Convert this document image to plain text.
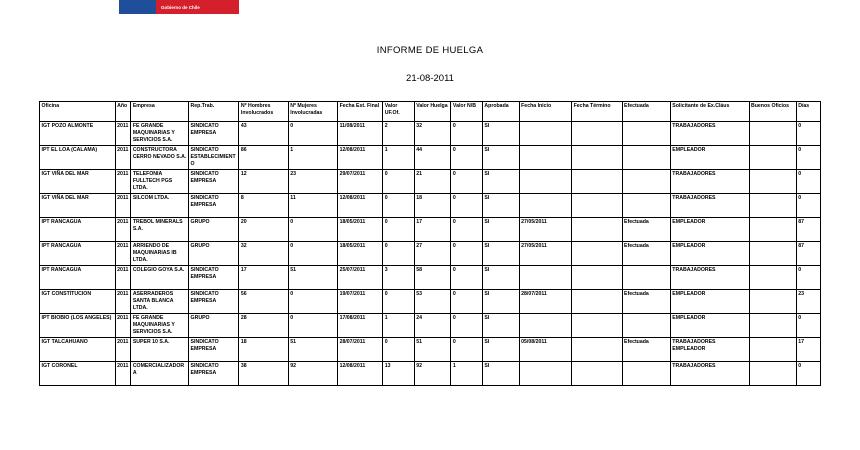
Gobierno de Chile
INFORME DE HUELGA
21-08-2011
Oficina	Año	Empresa	Rep.Trab.	Nº Hombres Involucrados	Nº Mujeres Involucradas	Fecha Est. Final	Valor UF.Of.	Valor Huelga	Valor N/B	Aprobada	Fecha Inicio	Fecha Término	Efectuada	Solicitante de Ex.Cláus	Buenos Oficios	Días
IGT POZO ALMONTE	2011	FE GRANDE MAQUINARIAS Y SERVICIOS S.A.	SINDICATO EMPRESA	43	0	11/08/2011	2	32	0	SI				TRABAJADORES		0
IPT EL LOA (CALAMA)	2011	CONSTRUCTORA CERRO NEVADO S.A.	SINDICATO ESTABLECIMIENTO	86	1	12/08/2011	1	44	0	SI				EMPLEADOR		0
IGT VIÑA DEL MAR	2011	TELEFONIA FULLTECH PGS LTDA.	SINDICATO EMPRESA	12	23	29/07/2011	0	21	0	SI				TRABAJADORES		0
IGT VIÑA DEL MAR	2011	SILCOM LTDA.	SINDICATO EMPRESA	8	11	12/08/2011	0	18	0	SI				TRABAJADORES		0
IPT RANCAGUA	2011	TREBOL MINERALS S.A.	GRUPO	20	0	18/05/2011	0	17	0	SI	27/05/2011		Efectuada	EMPLEADOR		87
IPT RANCAGUA	2011	ARRIENDO DE MAQUINARIAS IB LTDA.	GRUPO	32	0	18/05/2011	0	27	0	SI	27/05/2011		Efectuada	EMPLEADOR		87
IPT RANCAGUA	2011	COLEGIO GOYA S.A.	SINDICATO EMPRESA	17	51	25/07/2011	3	58	0	SI				TRABAJADORES		0
IGT CONSTITUCION	2011	ASERRADEROS SANTA BLANCA LTDA.	SINDICATO EMPRESA	56	0	19/07/2011	0	53	0	SI	28/07/2011		Efectuada	EMPLEADOR		23
IPT BIOBIO (LOS ANGELES)	2011	FE GRANDE MAQUINARIAS Y SERVICIOS S.A.	GRUPO	28	0	17/08/2011	1	24	0	SI				EMPLEADOR		0
IGT TALCAHUANO	2011	SUPER 10 S.A.	SINDICATO EMPRESA	18	51	28/07/2011	0	51	0	SI	05/08/2011		Efectuada	TRABAJADORES EMPLEADOR		17
IGT CORONEL	2011	COMERCIALIZADORA	SINDICATO EMPRESA	38	92	12/08/2011	13	92	1	SI				TRABAJADORES		0
